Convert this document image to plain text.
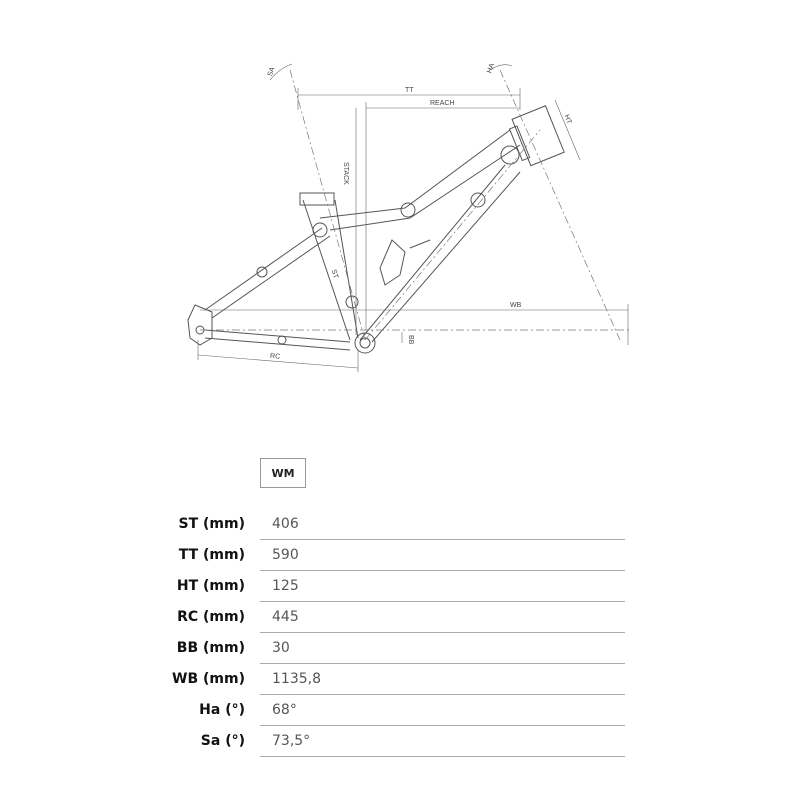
SA	HA
TT
REACH
HT
STACK
ST
WB
RC
BB
WM
ST (mm) 406
TT (mm) 590
HT (mm) 125
RC (mm) 445
BB (mm) 30
WB (mm) 1135,8
Ha (°) 68°
Sa (°) 73,5°
